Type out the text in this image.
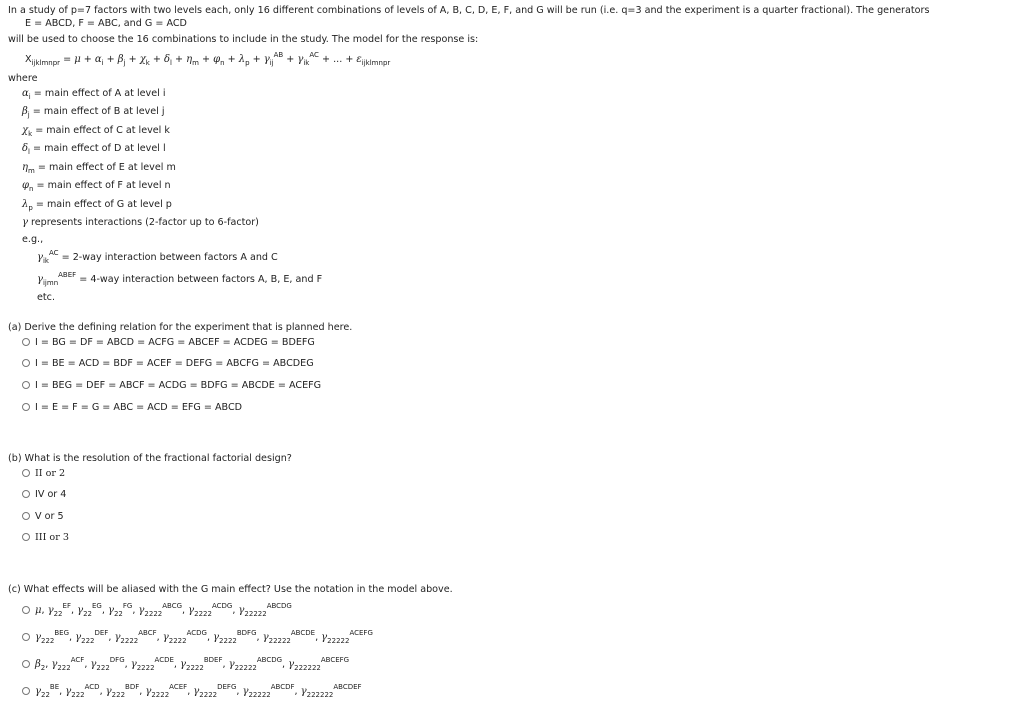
In a study of p=7 factors with two levels each, only 16 different combinations of levels of A, B, C, D, E, F, and G will be run (i.e. q=3 and the experiment is a quarter fractional). The generators
E = ABCD, F = ABC, and G = ACD
will be used to choose the 16 combinations to include in the study. The model for the response is:
$X_{ijklmnpr} = \mu + \alpha_i + \beta_j + \chi_k + \delta_l + \eta_m + \varphi_n + \lambda_p + \gamma_{ij}^{AB} + \gamma_{ik}^{AC}$ + ... + $\varepsilon_{ijklmnpr}$
where
$\alpha_i$ = main effect of A at level i
$\beta_j$ = main effect of B at level j
$\chi_k$ = main effect of C at level k
$\delta_l$ = main effect of D at level l
$\eta_m$ = main effect of E at level m
$\varphi_n$ = main effect of F at level n
$\lambda_p$ = main effect of G at level p
γ represents interactions (2-factor up to 6-factor)
e.g.,
$\gamma_{ik}^{AC} = 2-way$ interaction between factors A and C
$\gamma_{ijmn}^{ABEF} = 4-way$ interaction between factors A, B, E, and F
etc.
(a) Derive the defining relation for the experiment that is planned here.
I = BG = DF = ABCD = ACFG = ABCEF = ACDEG = BDEFG
I = BE = ACD = BDF = ACEF = DEFG = ABCFG = ABCDEG
I = BEG = DEF = ABCF = ACDG = BDFG = ABCDE = ACEFG
I = E = F = G = ABC = ACD = EFG = ABCD
(b) What is the resolution of the fractional factorial design?
II or 2
IV or 4
V or 5
III or 3
(c) What effects will be aliased with the G main effect? Use the notation in the model above.
μ, $\gamma_{22}^{EF}$, $\gamma_{22}^{EG}$, $\gamma_{22}^{FG}$, $\gamma_{2222}^{ABCG}$, $\gamma_{2222}^{ACDG}$, $\gamma_{22222}^{ABCDG}$
$\gamma_{222}^{BEG}$, $\gamma_{222}^{DEF}$, $\gamma_{2222}^{ABCF}$, $\gamma_{2222}^{ACDG}$, $\gamma_{2222}^{BDFG}$, $\gamma_{22222}^{ABCDE}$, $\gamma_{22222}^{ACEFG}$
$\beta_2$, $\gamma_{222}^{ACF}$, $\gamma_{222}^{DFG}$, $\gamma_{2222}^{ACDE}$, $\gamma_{2222}^{BDEF}$, $\gamma_{22222}^{ABCDG}$, $\gamma_{222222}^{ABCEFG}$
$\gamma_{22}^{BE}$, $\gamma_{222}^{ACD}$, $\gamma_{222}^{BDF}$, $\gamma_{2222}^{ACEF}$, $\gamma_{2222}^{DEFG}$, $\gamma_{22222}^{ABCDF}$, $\gamma_{222222}^{ABCDEF}$
